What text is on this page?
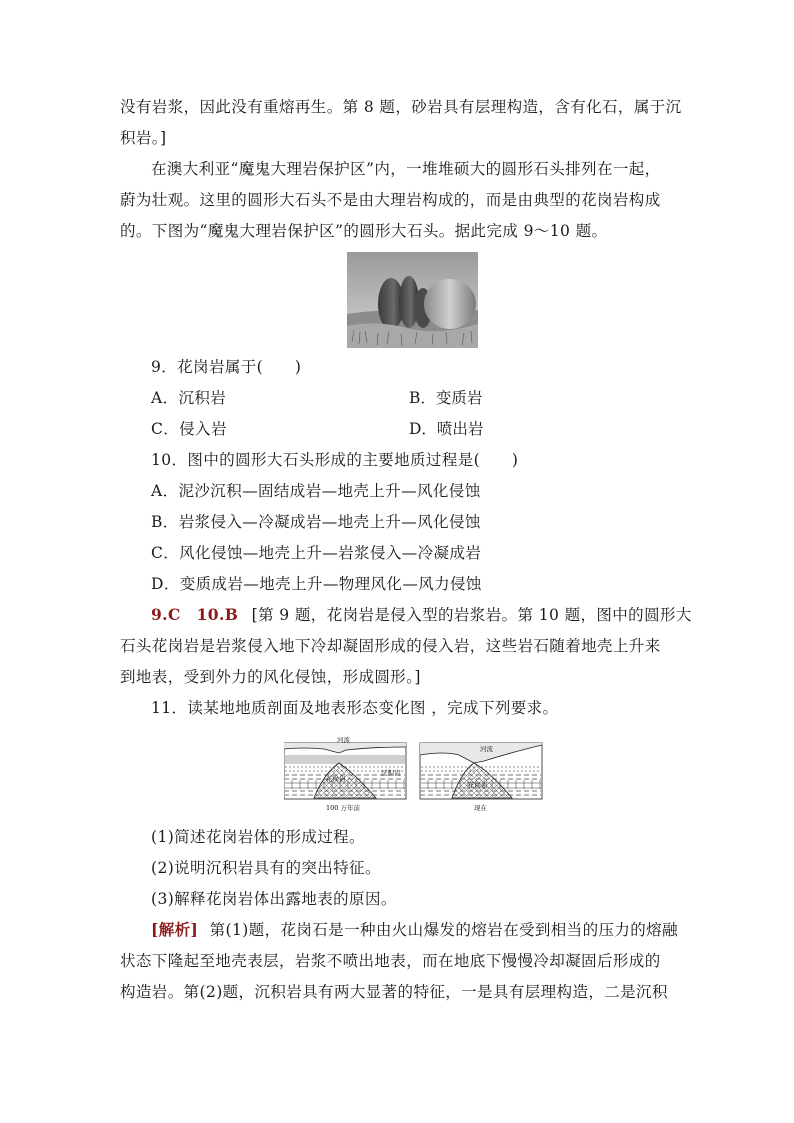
没有岩浆，因此没有重熔再生。第 8 题，砂岩具有层理构造，含有化石，属于沉
积岩。]
在澳大利亚“魔鬼大理岩保护区”内，一堆堆硕大的圆形石头排列在一起，
蔚为壮观。这里的圆形大石头不是由大理岩构成的，而是由典型的花岗岩构成
的。下图为“魔鬼大理岩保护区”的圆形大石头。据此完成 9～10 题。
9．花岗岩属于(　　)
A．沉积岩	B．变质岩
C．侵入岩	D．喷出岩
10．图中的圆形大石头形成的主要地质过程是(　　)
A．泥沙沉积—固结成岩—地壳上升—风化侵蚀
B．岩浆侵入—冷凝成岩—地壳上升—风化侵蚀
C．风化侵蚀—地壳上升—岩浆侵入—冷凝成岩
D．变质成岩—地壳上升—物理风化—风力侵蚀
9.C　10.B [第 9 题，花岗岩是侵入型的岩浆岩。第 10 题，图中的圆形大
石头花岗岩是岩浆侵入地下冷却凝固形成的侵入岩，这些岩石随着地壳上升来
到地表，受到外力的风化侵蚀，形成圆形。]
11．读某地地质剖面及地表形态变化图 ，完成下列要求。
河流
花岗岩
沉积岩
100 万年前
河流
花岗岩
现在
(1)简述花岗岩体的形成过程。
(2)说明沉积岩具有的突出特征。
(3)解释花岗岩体出露地表的原因。
[解析] 第(1)题，花岗石是一种由火山爆发的熔岩在受到相当的压力的熔融
状态下隆起至地壳表层，岩浆不喷出地表，而在地底下慢慢冷却凝固后形成的
构造岩。第(2)题，沉积岩具有两大显著的特征，一是具有层理构造，二是沉积
